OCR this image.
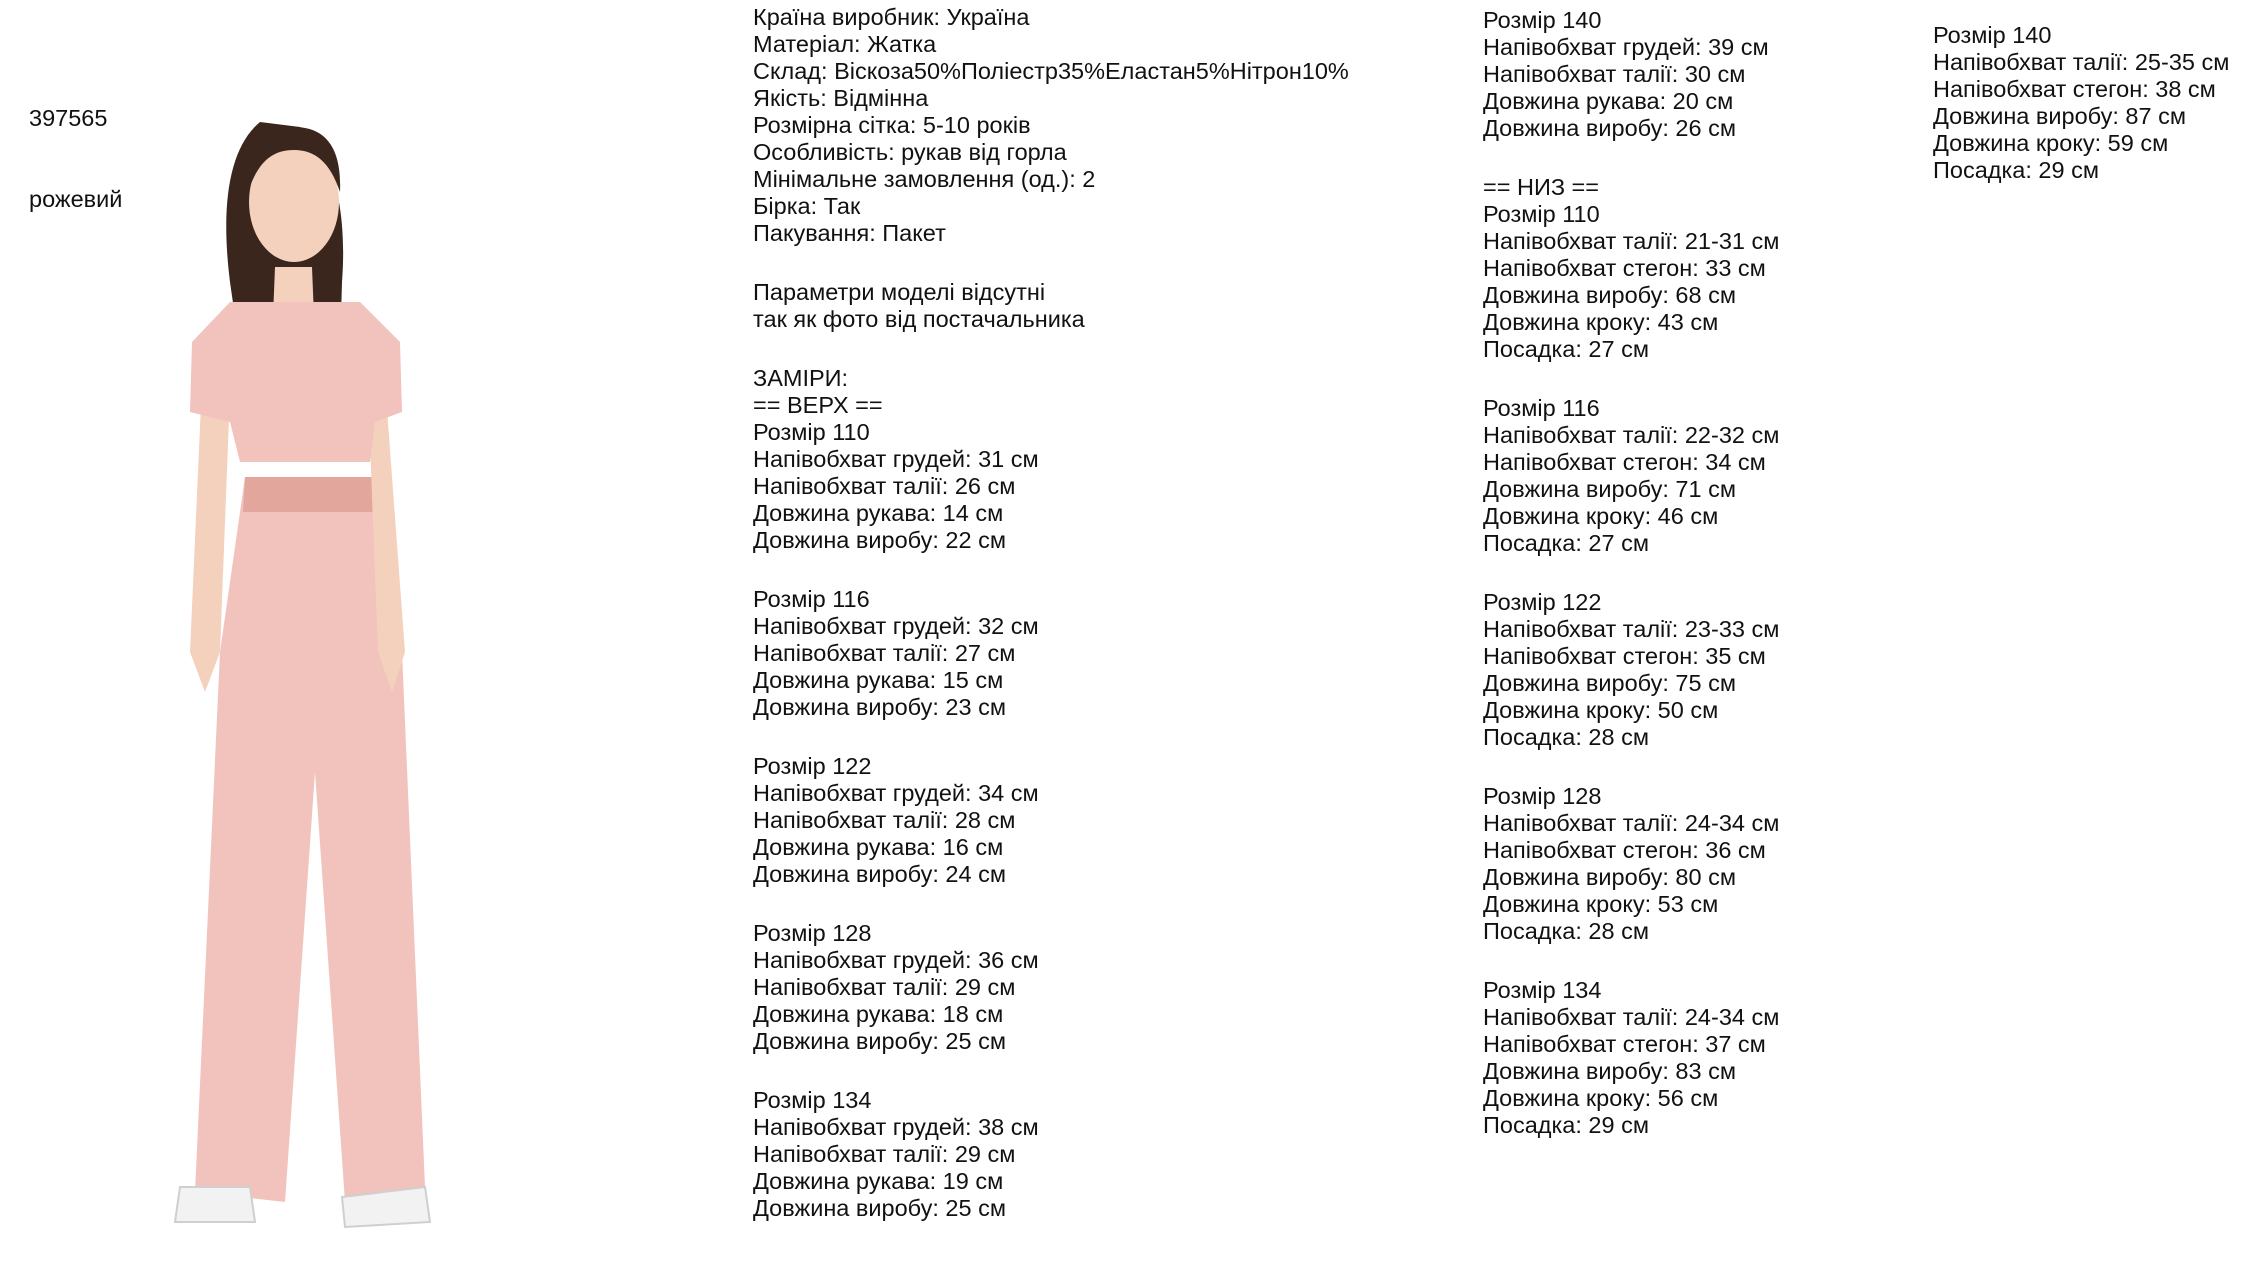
397565

рожевий

Країна виробник: Україна
Матеріал: Жатка
Склад: Віскоза50%Поліестр35%Еластан5%Нітрон10%
Якість: Відмінна
Розмірна сітка: 5-10 років
Особливість: рукав від горла
Мінімальне замовлення (од.): 2
Бірка: Так
Пакування: Пакет
Параметри моделі відсутні
так як фото від постачальника
ЗАМІРИ:
== ВЕРХ ==
Розмір 110
Напівобхват грудей: 31 см
Напівобхват талії: 26 см
Довжина рукава: 14 см
Довжина виробу: 22 см
Розмір 116
Напівобхват грудей: 32 см
Напівобхват талії: 27 см
Довжина рукава: 15 см
Довжина виробу: 23 см
Розмір 122
Напівобхват грудей: 34 см
Напівобхват талії: 28 см
Довжина рукава: 16 см
Довжина виробу: 24 см
Розмір 128
Напівобхват грудей: 36 см
Напівобхват талії: 29 см
Довжина рукава: 18 см
Довжина виробу: 25 см
Розмір 134
Напівобхват грудей: 38 см
Напівобхват талії: 29 см
Довжина рукава: 19 см
Довжина виробу: 25 см
Розмір 140
Напівобхват грудей: 39 см
Напівобхват талії: 30 см
Довжина рукава: 20 см
Довжина виробу: 26 см
== НИЗ ==
Розмір 110
Напівобхват талії: 21-31 см
Напівобхват стегон: 33 см
Довжина виробу: 68 см
Довжина кроку: 43 см
Посадка: 27 см
Розмір 116
Напівобхват талії: 22-32 см
Напівобхват стегон: 34 см
Довжина виробу: 71 см
Довжина кроку: 46 см
Посадка: 27 см
Розмір 122
Напівобхват талії: 23-33 см
Напівобхват стегон: 35 см
Довжина виробу: 75 см
Довжина кроку: 50 см
Посадка: 28 см
Розмір 128
Напівобхват талії: 24-34 см
Напівобхват стегон: 36 см
Довжина виробу: 80 см
Довжина кроку: 53 см
Посадка: 28 см
Розмір 134
Напівобхват талії: 24-34 см
Напівобхват стегон: 37 см
Довжина виробу: 83 см
Довжина кроку: 56 см
Посадка: 29 см
Розмір 140
Напівобхват талії: 25-35 см
Напівобхват стегон: 38 см
Довжина виробу: 87 см
Довжина кроку: 59 см
Посадка: 29 см
